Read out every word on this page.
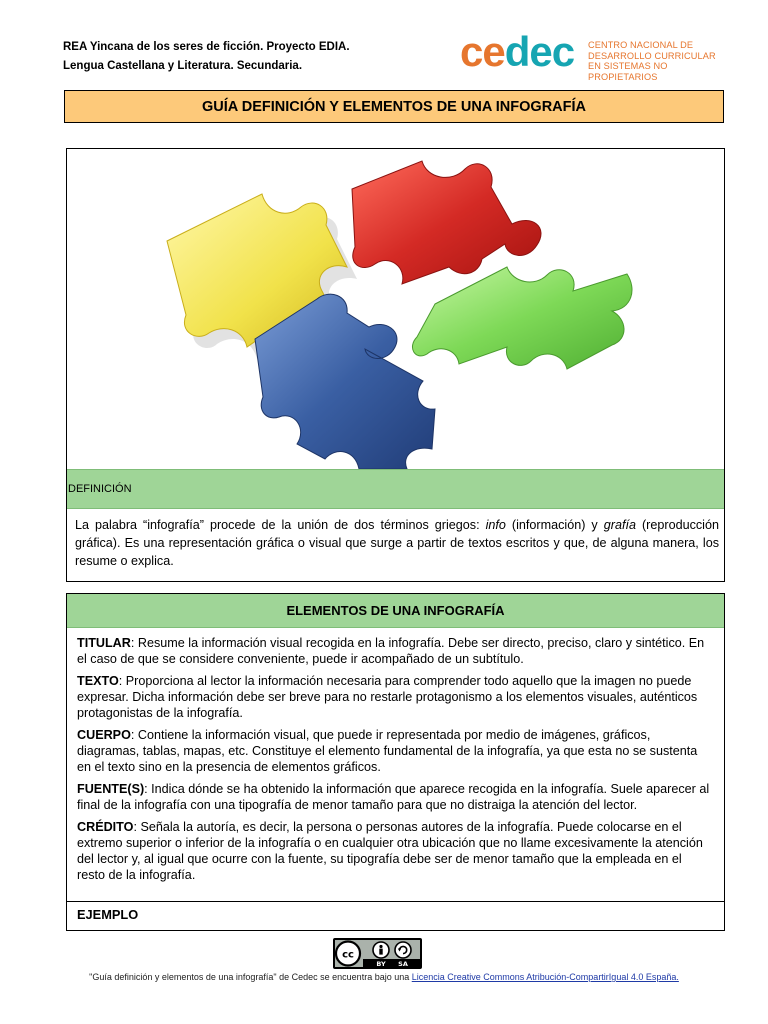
REA Yincana de los seres de ficción. Proyecto EDIA.
Lengua Castellana y Literatura. Secundaria.	cedec CENTRO NACIONAL DE
DESARROLLO CURRICULAR
EN SISTEMAS NO PROPIETARIOS
GUÍA DEFINICIÓN Y ELEMENTOS DE UNA INFOGRAFÍA
DEFINICIÓN
La palabra “infografía” procede de la unión de dos términos griegos: info (información) y grafía (reproducción gráfica). Es una representación gráfica o visual que surge a partir de textos escritos y que, de alguna manera, los resume o explica.
ELEMENTOS DE UNA INFOGRAFÍA
TITULAR: Resume la información visual recogida en la infografía. Debe ser directo, preciso, claro y sintético. En el caso de que se considere conveniente, puede ir acompañado de un subtítulo.
TEXTO: Proporciona al lector la información necesaria para comprender todo aquello que la imagen no puede expresar. Dicha información debe ser breve para no restarle protagonismo a los elementos visuales, auténticos protagonistas de la infografía.
CUERPO: Contiene la información visual, que puede ir representada por medio de imágenes, gráficos, diagramas, tablas, mapas, etc. Constituye el elemento fundamental de la infografía, ya que esta no se sustenta en el texto sino en la presencia de elementos gráficos.
FUENTE(S): Indica dónde se ha obtenido la información que aparece recogida en la infografía. Suele aparecer al final de la infografía con una tipografía de menor tamaño para que no distraiga la atención del lector.
CRÉDITO: Señala la autoría, es decir, la persona o personas autores de la infografía. Puede colocarse en el extremo superior o inferior de la infografía o en cualquier otra ubicación que no llame excesivamente la atención del lector y, al igual que ocurre con la fuente, su tipografía debe ser de menor tamaño que la empleada en el resto de la infografía.
EJEMPLO
cc
BY SA
"Guía definición y elementos de una infografía" de Cedec se encuentra bajo una Licencia Creative Commons Atribución-CompartirIgual 4.0 España.
